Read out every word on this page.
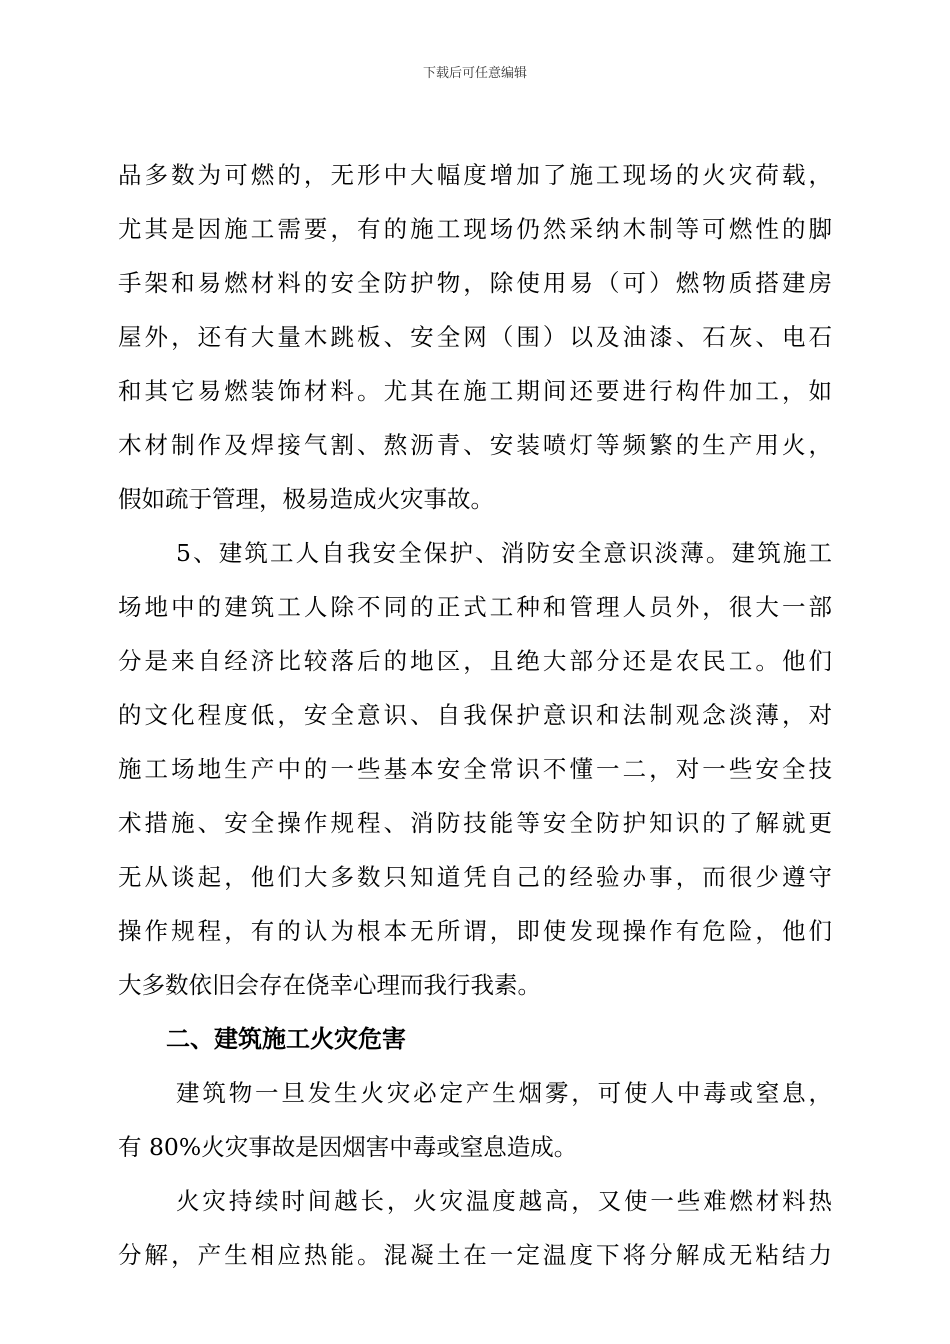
下载后可任意编辑
品多数为可燃的，无形中大幅度增加了施工现场的火灾荷载，
尤其是因施工需要，有的施工现场仍然采纳木制等可燃性的脚
手架和易燃材料的安全防护物，除使用易（可）燃物质搭建房
屋外，还有大量木跳板、安全网（围）以及油漆、石灰、电石
和其它易燃装饰材料。尤其在施工期间还要进行构件加工，如
木材制作及焊接气割、熬沥青、安装喷灯等频繁的生产用火，
假如疏于管理，极易造成火灾事故。
5、建筑工人自我安全保护、消防安全意识淡薄。建筑施工
场地中的建筑工人除不同的正式工种和管理人员外，很大一部
分是来自经济比较落后的地区，且绝大部分还是农民工。他们
的文化程度低，安全意识、自我保护意识和法制观念淡薄，对
施工场地生产中的一些基本安全常识不懂一二，对一些安全技
术措施、安全操作规程、消防技能等安全防护知识的了解就更
无从谈起，他们大多数只知道凭自己的经验办事，而很少遵守
操作规程，有的认为根本无所谓，即使发现操作有危险，他们
大多数依旧会存在侥幸心理而我行我素。
二、建筑施工火灾危害
建筑物一旦发生火灾必定产生烟雾，可使人中毒或窒息，
有 80%火灾事故是因烟害中毒或窒息造成。
火灾持续时间越长，火灾温度越高，又使一些难燃材料热
分解，产生相应热能。混凝土在一定温度下将分解成无粘结力
